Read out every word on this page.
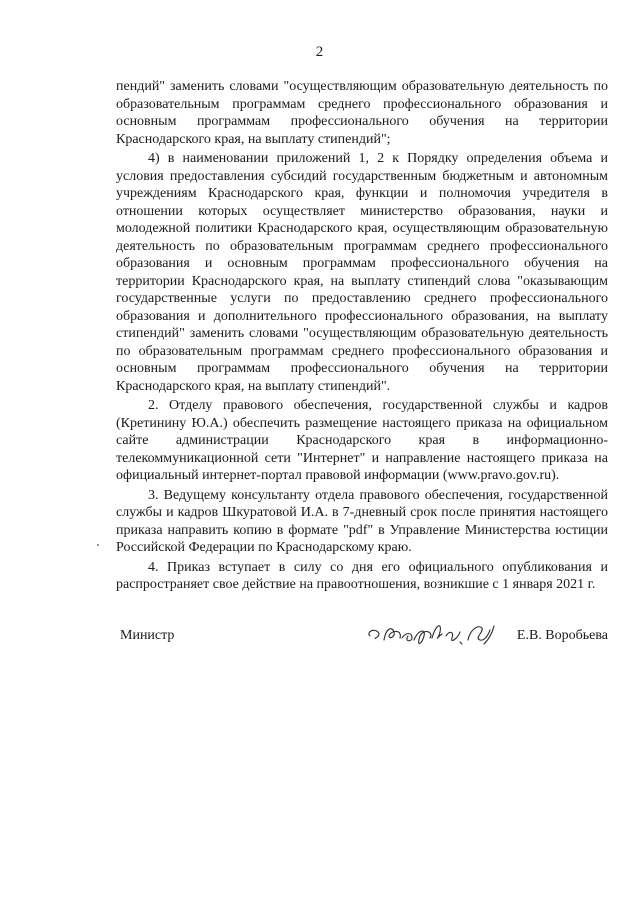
2

пендий" заменить словами "осуществляющим образовательную деятельность по образовательным программам среднего профессионального образования и основным программам профессионального обучения на территории Краснодарского края, на выплату стипендий";

4) в наименовании приложений 1, 2 к Порядку определения объема и условия предоставления субсидий государственным бюджетным и автономным учреждениям Краснодарского края, функции и полномочия учредителя в отношении которых осуществляет министерство образования, науки и молодежной политики Краснодарского края, осуществляющим образовательную деятельность по образовательным программам среднего профессионального образования и основным программам профессионального обучения на территории Краснодарского края, на выплату стипендий слова "оказывающим государственные услуги по предоставлению среднего профессионального образования и дополнительного профессионального образования, на выплату стипендий" заменить словами "осуществляющим образовательную деятельность по образовательным программам среднего профессионального образования и основным программам профессионального обучения на территории Краснодарского края, на выплату стипендий".

2. Отделу правового обеспечения, государственной службы и кадров (Кретинину Ю.А.) обеспечить размещение настоящего приказа на официальном сайте администрации Краснодарского края в информационно-телекоммуникационной сети "Интернет" и направление настоящего приказа на официальный интернет-портал правовой информации (www.pravo.gov.ru).

3. Ведущему консультанту отдела правового обеспечения, государственной службы и кадров Шкуратовой И.А. в 7-дневный срок после принятия настоящего приказа направить копию в формате "pdf" в Управление Министерства юстиции Российской Федерации по Краснодарскому краю.

4. Приказ вступает в силу со дня его официального опубликования и распространяет свое действие на правоотношения, возникшие с 1 января 2021 г.

Министр	Е.В. Воробьева
